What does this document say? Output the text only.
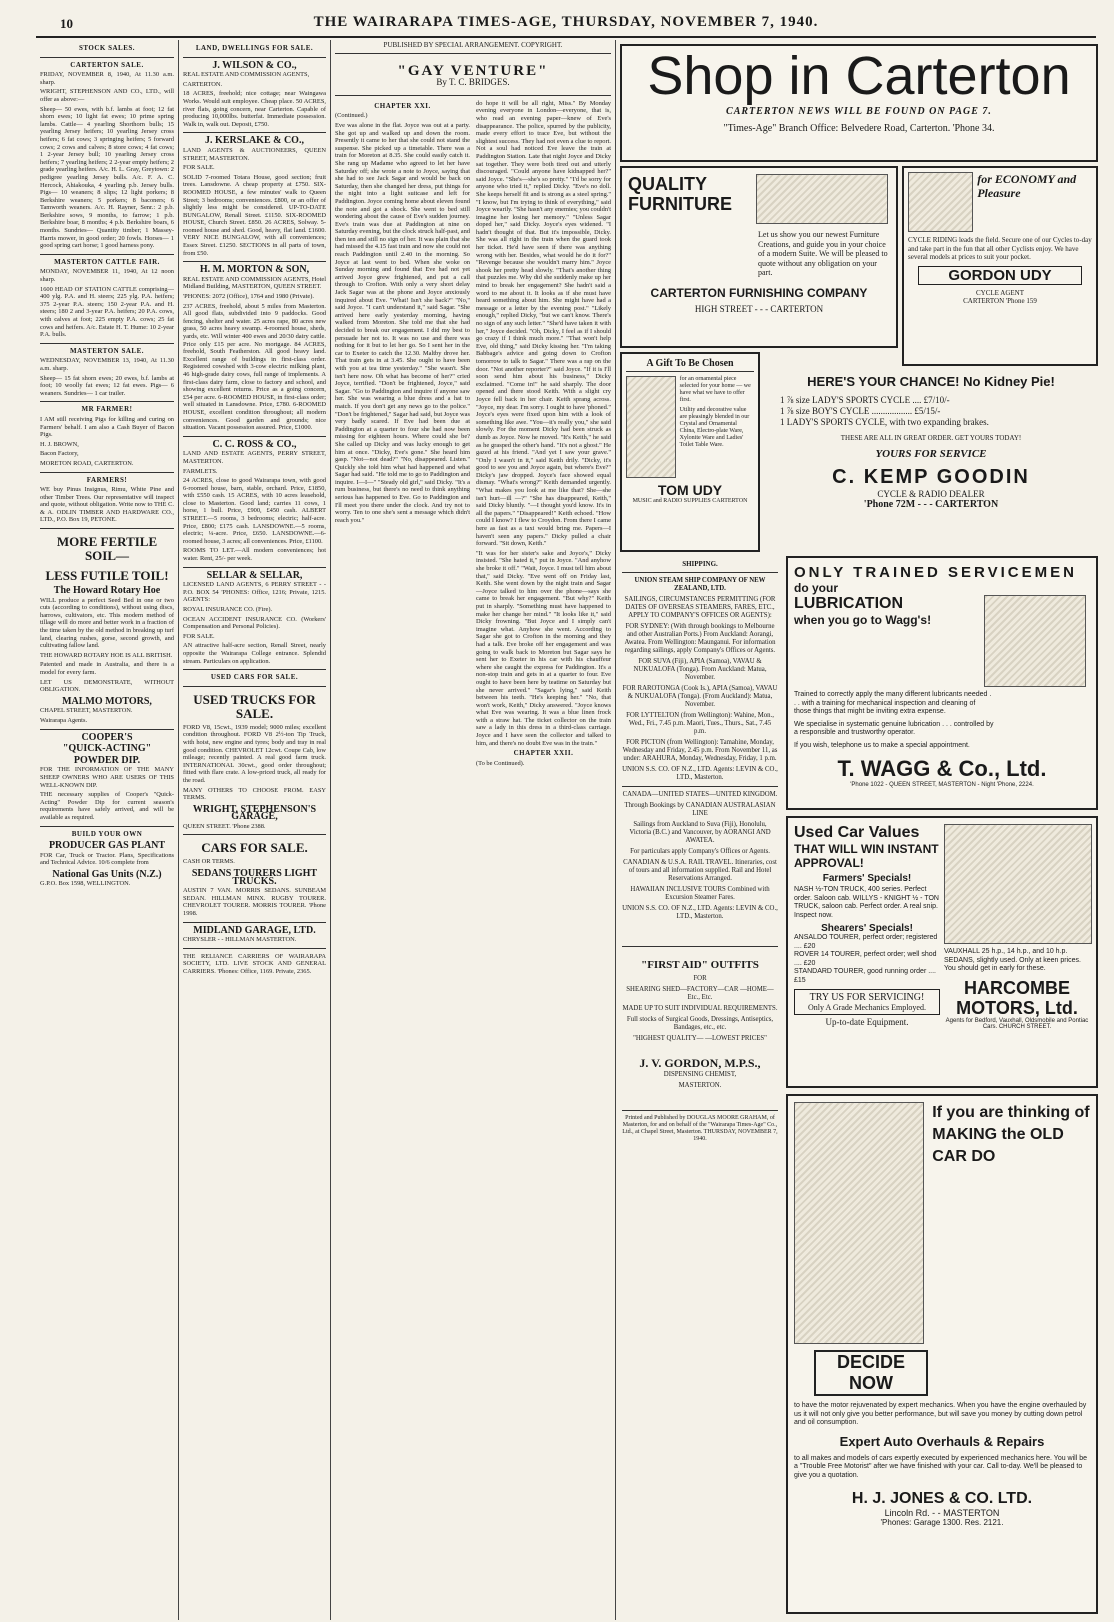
10	THE WAIRARAPA TIMES-AGE, THURSDAY, NOVEMBER 7, 1940.
STOCK SALES.
CARTERTON SALE.

FRIDAY, NOVEMBER 8, 1940, At 11.30 a.m. sharp.

WRIGHT, STEPHENSON AND CO., LTD., will offer as above:—

Sheep— 50 ewes, with b.f. lambs at foot; 12 fat shorn ewes; 10 light fat ewes; 10 prime spring lambs. Cattle— 4 yearling Shorthorn bulls; 15 yearling Jersey heifers; 10 yearling Jersey cross heifers; 6 fat cows; 3 springing heifers; 5 forward cows; 2 cows and calves; 8 store cows; 4 fat cows; 1 2-year Jersey bull; 10 yearling Jersey cross heifers; 7 yearling heifers; 2 2-year empty heifers; 2 grade yearling heifers. A/c. H. L. Gray, Greytown: 2 pedigree yearling Jersey bulls. A/c. F. A. C. Hercock, Ahiakouka, 4 yearling p.b. Jersey bulls. Pigs— 10 weaners; 8 slips; 12 light porkers; 8 Berkshire weaners; 5 porkers; 8 baconers; 6 Tamworth weaners. A/c. H. Rayner, Senr.: 2 p.b. Berkshire sows, 9 months, to farrow; 1 p.b. Berkshire boar, 8 months; 4 p.b. Berkshire boars, 6 months. Sundries— Quantity timber; 1 Massey-Harris mower, in good order; 20 fowls. Horses— 1 good spring cart horse; 1 good harness pony.

MASTERTON CATTLE FAIR.

MONDAY, NOVEMBER 11, 1940, At 12 noon sharp.

1600 HEAD OF STATION CATTLE comprising— 400 ylg. P.A. and H. steers; 225 ylg. P.A. heifers; 375 2-year P.A. steers; 150 2-year P.A. and H. steers; 180 2 and 3-year P.A. heifers; 20 P.A. cows, with calves at foot; 225 empty P.A. cows; 25 fat cows and heifers. A/c. Estate H. T. Hume: 10 2-year P.A. bulls.

MASTERTON SALE.

WEDNESDAY, NOVEMBER 13, 1940, At 11.30 a.m. sharp.

Sheep— 15 fat shorn ewes; 20 ewes, b.f. lambs at foot; 10 woolly fat ewes; 12 fat ewes. Pigs— 6 weaners. Sundries— 1 car trailer.

MR FARMER!

I AM still receiving Pigs for killing and curing on Farmers' behalf. I am also a Cash Buyer of Bacon Pigs.

H. J. BROWN,

Bacon Factory,

MORETON ROAD, CARTERTON.

FARMERS!

WE buy Pinus Insignus, Rimu, White Pine and other Timber Trees. Our representative will inspect and quote, without obligation. Write now to THE C. & A. ODLIN TIMBER AND HARDWARE CO., LTD., P.O. Box 19, PETONE.

MORE FERTILE SOIL—
LESS FUTILE TOIL!
The Howard Rotary Hoe

WILL produce a perfect Seed Bed in one or two cuts (according to conditions), without using discs, harrows, cultivators, etc. This modern method of tillage will do more and better work in a fraction of the time taken by the old method in breaking up turf land, clearing rushes, gorse, second growth, and cultivating fallow land.

THE HOWARD ROTARY HOE IS ALL BRITISH.

Patented and made in Australia, and there is a model for every farm.

LET US DEMONSTRATE, WITHOUT OBLIGATION.

MALMO MOTORS,

CHAPEL STREET, MASTERTON.

Wairarapa Agents.

COOPER'S
"QUICK-ACTING"
POWDER DIP.

FOR THE INFORMATION OF THE MANY SHEEP OWNERS WHO ARE USERS OF THIS WELL-KNOWN DIP.

THE necessary supplies of Cooper's "Quick-Acting" Powder Dip for current season's requirements have safely arrived, and will be available as required.

BUILD YOUR OWN
PRODUCER GAS PLANT

FOR Car, Truck or Tractor. Plans, Specifications and Technical Advice. 10/6 complete from

National Gas Units (N.Z.)

G.P.O. Box 1598, WELLINGTON.

LAND, DWELLINGS FOR SALE.
J. WILSON & CO.,

REAL ESTATE AND COMMISSION AGENTS,

CARTERTON.

18 ACRES, freehold; nice cottage; near Waingawa Works. Would suit employee. Cheap place. 50 ACRES, river flats, going concern, near Carterton. Capable of producing 10,000lbs. butterfat. Immediate possession. Walk in, walk out. Deposit, £750.

J. KERSLAKE & CO.,

LAND AGENTS & AUCTIONEERS, QUEEN STREET, MASTERTON.

FOR SALE.

SOLID 7-roomed Totara House, good section; fruit trees. Lansdowne. A cheap property at £750. SIX-ROOMED HOUSE, a few minutes' walk to Queen Street; 3 bedrooms; conveniences. £800, or an offer of slightly less might be considered. UP-TO-DATE BUNGALOW, Renall Street. £1150. SIX-ROOMED HOUSE, Church Street. £850. 26 ACRES, Solway. 5-roomed house and shed. Good, heavy, flat land. £1600. VERY NICE BUNGALOW, with all conveniences; Essex Street. £1250. SECTIONS in all parts of town, from £50.

H. M. MORTON & SON,

REAL ESTATE AND COMMISSION AGENTS, Hotel Midland Building, MASTERTON, QUEEN STREET.

'PHONES: 2072 (Office), 1764 and 1980 (Private).

237 ACRES, freehold, about 5 miles from Masterton. All good flats, subdivided into 9 paddocks. Good fencing, shelter and water. 25 acres rape, 80 acres new grass, 50 acres heavy swamp. 4-roomed house, sheds, yards, etc. Will winter 400 ewes and 20/30 dairy cattle. Price only £15 per acre. No mortgage. 84 ACRES, freehold, South Featherston. All good heavy land. Excellent range of buildings in first-class order. Registered cowshed with 3-cow electric milking plant, 46 high-grade dairy cows, full range of implements. A first-class dairy farm, close to factory and school, and showing excellent returns. Price as a going concern, £54 per acre. 6-ROOMED HOUSE, in first-class order; well situated in Lansdowne. Price, £780. 6-ROOMED HOUSE, excellent condition throughout; all modern conveniences. Good garden and grounds; nice situation. Vacant possession assured. Price, £1000.

C. C. ROSS & CO.,

LAND AND ESTATE AGENTS, PERRY STREET, MASTERTON.

FARMLETS.

24 ACRES, close to good Wairarapa town, with good 6-roomed house, barn, stable, orchard. Price, £1850, with £550 cash. 15 ACRES, with 10 acres leasehold, close to Masterton. Good land; carries 11 cows, 1 horse, 1 bull. Price, £900, £450 cash. ALBERT STREET.—5 rooms, 3 bedrooms; electric; half-acre. Price, £800; £175 cash. LANSDOWNE.—5 rooms, electric; ¼-acre. Price, £650. LANSDOWNE.—6-roomed house, 3 acres; all conveniences. Price, £1100.

ROOMS TO LET.—All modern conveniences; hot water. Rent, 25/- per week.

SELLAR & SELLAR,

LICENSED LAND AGENTS, 6 PERRY STREET - - P.O. BOX 54 'PHONES: Office, 1216; Private, 1215. AGENTS:

ROYAL INSURANCE CO. (Fire).

OCEAN ACCIDENT INSURANCE CO. (Workers' Compensation and Personal Policies).

FOR SALE.

AN attractive half-acre section, Renall Street, nearly opposite the Wairarapa College entrance. Splendid stream. Particulars on application.

USED CARS FOR SALE.
USED TRUCKS FOR SALE.

FORD V8, 15cwt., 1939 model; 9000 miles; excellent condition throughout. FORD V8 2½-ton Tip Truck, with hoist, new engine and tyres; body and tray in real good condition. CHEVROLET 12cwt. Coupe Cab, low mileage; recently painted. A real good farm truck. INTERNATIONAL 30cwt., good order throughout; fitted with flare crate. A low-priced truck, all ready for the road.

MANY OTHERS TO CHOOSE FROM. EASY TERMS.

WRIGHT, STEPHENSON'S GARAGE,

QUEEN STREET. 'Phone 2388.

CARS FOR SALE.

CASH OR TERMS.

SEDANS TOURERS LIGHT TRUCKS.

AUSTIN 7 VAN. MORRIS SEDANS. SUNBEAM SEDAN. HILLMAN MINX. RUGBY TOURER. CHEVROLET TOURER. MORRIS TOURER. 'Phone 1998.

MIDLAND GARAGE, LTD.

CHRYSLER - - HILLMAN MASTERTON.

THE RELIANCE CARRIERS OF WAIRARAPA SOCIETY, LTD. LIVE STOCK AND GENERAL CARRIERS. 'Phones: Office, 1169. Private, 2365.

PUBLISHED BY SPECIAL ARRANGEMENT. COPYRIGHT.
"GAY VENTURE"
By T. C. BRIDGES.
CHAPTER XXI.

(Continued.)

Eve was alone in the flat. Joyce was out at a party. She got up and walked up and down the room. Presently it came to her that she could not stand the suspense. She picked up a timetable. There was a train for Moreton at 8.35. She could easily catch it. She rang up Madame who agreed to let her have Saturday off; she wrote a note to Joyce, saying that she had to see Jack Sagar and would be back on Saturday, then she changed her dress, put things for the night into a light suitcase and left for Paddington. Joyce coming home about eleven found the note and got a shock. She went to bed still wondering about the cause of Eve's sudden journey. Eve's train was due at Paddington at nine on Saturday evening, but the clock struck half-past, and then ten and still no sign of her. It was plain that she had missed the 4.15 fast train and now she could not reach Paddington until 2.40 in the morning. So Joyce at last went to bed. When she woke on Sunday morning and found that Eve had not yet arrived Joyce grew frightened, and put a call through to Crofton. With only a very short delay Jack Sagar was at the phone and Joyce anxiously inquired about Eve. "What! Isn't she back?" "No," said Joyce. "I can't understand it," said Sagar. "She arrived here early yesterday morning, having walked from Moreton. She told me that she had decided to break our engagement. I did my best to persuade her not to. It was no use and there was nothing for it but to let her go. So I sent her in the car to Exeter to catch the 12.30. Maltby drove her. That train gets in at 3.45. She ought to have been with you at tea time yesterday." "She wasn't. She isn't here now. Oh what has become of her?" cried Joyce, terrified. "Don't be frightened, Joyce," said Sagar. "Go to Paddington and inquire if anyone saw her. She was wearing a blue dress and a hat to match. If you don't get any news go to the police." "Don't be frightened," Sagar had said, but Joyce was very badly scared. If Eve had been due at Paddington at a quarter to four she had now been missing for eighteen hours. Where could she be? She called up Dicky and was lucky enough to get him at once. "Dicky, Eve's gone." She heard him gasp. "Not—not dead?" "No, disappeared. Listen." Quickly she told him what had happened and what Sagar had said. "He told me to go to Paddington and inquire. I—I—" "Steady old girl," said Dicky. "It's a rum business, but there's no need to think anything serious has happened to Eve. Go to Paddington and I'll meet you there under the clock. And try not to worry. Ten to one she's sent a message which didn't reach you."

do hope it will be all right, Miss." By Monday evening everyone in London—everyone, that is, who read an evening paper—knew of Eve's disappearance. The police, spurred by the publicity, made every effort to trace Eve, but without the slightest success. They had not even a clue to report. Not a soul had noticed Eve leave the train at Paddington Station. Late that night Joyce and Dicky sat together. They were both tired out and utterly discouraged. "Could anyone have kidnapped her?" said Joyce. "She's—she's so pretty." "I'd be sorry for anyone who tried it," replied Dicky. "Eve's no doll. She keeps herself fit and is strong as a steel spring." "I know, but I'm trying to think of everything," said Joyce wearily. "She hasn't any enemies; you couldn't imagine her losing her memory." "Unless Sagar doped her," said Dicky. Joyce's eyes widened. "I hadn't thought of that. But it's impossible, Dicky. She was all right in the train when the guard took her ticket. He'd have seen if there was anything wrong with her. Besides, what would he do it for?" "Revenge because she wouldn't marry him." Joyce shook her pretty head slowly. "That's another thing that puzzles me. Why did she suddenly make up her mind to break her engagement? She hadn't said a word to me about it. It looks as if she must have heard something about him. She might have had a message or a letter by the evening post." "Likely enough," replied Dicky, "but we can't know. There's no sign of any such letter." "She'd have taken it with her," Joyce decided. "Oh, Dicky, I feel as if I should go crazy if I think much more." "That won't help Eve, old thing," said Dicky kissing her. "I'm taking Babbage's advice and going down to Crofton tomorrow to talk to Sagar." There was a rap on the door. "Not another reporter?" said Joyce. "If it is I'll soon send him about his business," Dicky exclaimed. "Come in!" he said sharply. The door opened and there stood Keith. With a slight cry Joyce fell back in her chair. Keith sprang across. "Joyce, my dear. I'm sorry. I ought to have 'phoned." Joyce's eyes were fixed upon him with a look of something like awe. "You—it's really you," she said slowly. For the moment Dicky had been struck as dumb as Joyce. Now he moved. "It's Keith," he said as he grasped the other's hand. "It's not a ghost." He gazed at his friend. "And yet I saw your grave." "Only I wasn't in it," said Keith drily. "Dicky, it's good to see you and Joyce again, but where's Eve?" Dicky's jaw dropped. Joyce's face showed equal dismay. "What's wrong?" Keith demanded urgently. "What makes you look at me like that? She—she isn't hurt—ill —?" "She has disappeared, Keith," said Dicky bluntly. "—I thought you'd know. It's in all the papers." "Disappeared!" Keith echoed. "How could I know? I flew to Croydon. From there I came here as fast as a taxi would bring me. Papers—I haven't seen any papers." Dicky pulled a chair forward. "Sit down, Keith."

"It was for her sister's sake and Joyce's," Dicky insisted. "She hated it," put in Joyce. "And anyhow she broke it off." "Wait, Joyce. I must tell him about that," said Dicky. "Eve went off on Friday last, Keith. She went down by the night train and Sagar—Joyce talked to him over the phone—says she came to break her engagement. "But why?" Keith put in sharply. "Something must have happened to make her change her mind." "It looks like it," said Dicky frowning. "But Joyce and I simply can't imagine what. Anyhow she went. According to Sagar she got to Crofton in the morning and they had a talk. Eve broke off her engagement and was going to walk back to Moreton but Sagar says he sent her to Exeter in his car with his chauffeur where she caught the express for Paddington. It's a non-stop train and gets in at a quarter to four. Eve ought to have been here by teatime on Saturday but she never arrived." "Sagar's lying," said Keith between his teeth. "He's keeping her." "No, that won't work, Keith," Dicky answered. "Joyce knows what Eve was wearing. It was a blue linen frock with a straw hat. The ticket collector on the train saw a lady in this dress in a third-class carriage. Joyce and I have seen the collector and talked to him, and there's no doubt Eve was in the train."

CHAPTER XXII.

(To be Continued).

Shop in Carterton
CARTERTON NEWS WILL BE FOUND ON PAGE 7.
"Times-Age" Branch Office: Belvedere Road, Carterton. 'Phone 34.
QUALITY FURNITURE

Let us show you our newest Furniture Creations, and guide you in your choice of a modern Suite. We will be pleased to quote without any obligation on your part.

CARTERTON FURNISHING COMPANY
HIGH STREET - - - CARTERTON
for ECONOMY and Pleasure

CYCLE RIDING leads the field. Secure one of our Cycles to-day and take part in the fun that all other Cyclists enjoy. We have several models at prices to suit your pocket.

GORDON UDY
CYCLE AGENT
CARTERTON 'Phone 159
A Gift To Be Chosen

for an ornamental piece selected for your home — we have what we have to offer first.

Utility and decorative value are pleasingly blended in our Crystal and Ornamental China, Electro-plate Ware, Xylonite Ware and Ladies' Toilet Table Ware.

TOM UDY
MUSIC and RADIO SUPPLIES CARTERTON
HERE'S YOUR CHANCE! No Kidney Pie!
1 ⅞ size LADY'S SPORTS CYCLE .... £7/10/-
1 ⅞ size BOY'S CYCLE .................. £5/15/-
1 LADY'S SPORTS CYCLE, with two expanding brakes.
THESE ARE ALL IN GREAT ORDER. GET YOURS TODAY!
YOURS FOR SERVICE
C. KEMP GOODIN
CYCLE & RADIO DEALER
'Phone 72M - - - CARTERTON
SHIPPING.

UNION STEAM SHIP COMPANY OF NEW ZEALAND, LTD.

SAILINGS, CIRCUMSTANCES PERMITTING (FOR DATES OF OVERSEAS STEAMERS, FARES, ETC., APPLY TO COMPANY'S OFFICES OR AGENTS):

FOR SYDNEY: (With through bookings to Melbourne and other Australian Ports.) From Auckland: Aorangi, Awatea. From Wellington: Maunganui. For information regarding sailings, apply Company's Offices or Agents.

FOR SUVA (Fiji), APIA (Samoa), VAVAU & NUKUALOFA (Tonga). From Auckland: Matua, November.

FOR RAROTONGA (Cook Is.), APIA (Samoa), VAVAU & NUKUALOFA (Tonga). (From Auckland): Matua, November.

FOR LYTTELTON (from Wellington): Wahine, Mon., Wed., Fri., 7.45 p.m. Maori, Tues., Thurs., Sat., 7.45 p.m.

FOR PICTON (from Wellington): Tamahine, Monday, Wednesday and Friday, 2.45 p.m. From November 11, as under: ARAHURA, Monday, Wednesday, Friday, 1 p.m.

UNION S.S. CO. OF N.Z., LTD. Agents: LEVIN & CO., LTD., Masterton.

CANADA—UNITED STATES—UNITED KINGDOM.

Through Bookings by CANADIAN AUSTRALASIAN LINE

Sailings from Auckland to Suva (Fiji), Honolulu, Victoria (B.C.) and Vancouver, by AORANGI AND AWATEA.

For particulars apply Company's Offices or Agents.

CANADIAN & U.S.A. RAIL TRAVEL. Itineraries, cost of tours and all information supplied. Rail and Hotel Reservations Arranged.

HAWAIIAN INCLUSIVE TOURS Combined with Excursion Steamer Fares.

UNION S.S. CO. OF N.Z., LTD. Agents: LEVIN & CO., LTD., Masterton.

"FIRST AID" OUTFITS

FOR

SHEARING SHED—FACTORY—CAR —HOME—Etc., Etc.

MADE UP TO SUIT INDIVIDUAL REQUIREMENTS.

Full stocks of Surgical Goods, Dressings, Antiseptics, Bandages, etc., etc.

"HIGHEST QUALITY— —LOWEST PRICES"

J. V. GORDON, M.P.S.,

DISPENSING CHEMIST,

MASTERTON.

Printed and Published by DOUGLAS MOORE GRAHAM, of Masterton, for and on behalf of the "Wairarapa Times-Age" Co., Ltd., at Chapel Street, Masterton. THURSDAY, NOVEMBER 7, 1940.

ONLY TRAINED SERVICEMEN
do your
LUBRICATION
when you go to Wagg's!

Trained to correctly apply the many different lubricants needed . . . with a training for mechanical inspection and cleaning of those things that might be inviting extra expense.

We specialise in systematic genuine lubrication . . . controlled by a responsible and trustworthy operator.

If you wish, telephone us to make a special appointment.

T. WAGG & Co., Ltd.
'Phone 1022 - QUEEN STREET, MASTERTON - Night 'Phone, 2224.
Used Car Values
THAT WILL WIN INSTANT APPROVAL!
Farmers' Specials!

NASH ½-TON TRUCK, 400 series. Perfect order. Saloon cab. WILLYS - KNIGHT ½ - TON TRUCK, saloon cab. Perfect order. A real snip. Inspect now.

Shearers' Specials!
ANSALDO TOURER, perfect order; registered .... £20
ROVER 14 TOURER, perfect order; well shod .... £20
STANDARD TOURER, good running order .... £15
TRY US FOR SERVICING!
Only A Grade Mechanics Employed.
Up-to-date Equipment.

VAUXHALL 25 h.p., 14 h.p., and 10 h.p. SEDANS, slightly used. Only at keen prices. You should get in early for these.

HARCOMBE MOTORS, Ltd.
Agents for Bedford, Vauxhall, Oldsmobile and Pontiac Cars. CHURCH STREET.
If you are thinking of MAKING the OLD CAR DO
DECIDE NOW

to have the motor rejuvenated by expert mechanics. When you have the engine overhauled by us it will not only give you better performance, but will save you money by cutting down petrol and oil consumption.

Expert Auto Overhauls & Repairs

to all makes and models of cars expertly executed by experienced mechanics here. You will be a "Trouble Free Motorist" after we have finished with your car. Call to-day. We'll be pleased to give you a quotation.

H. J. JONES & CO. LTD.
Lincoln Rd. - - MASTERTON
'Phones: Garage 1300. Res. 2121.
